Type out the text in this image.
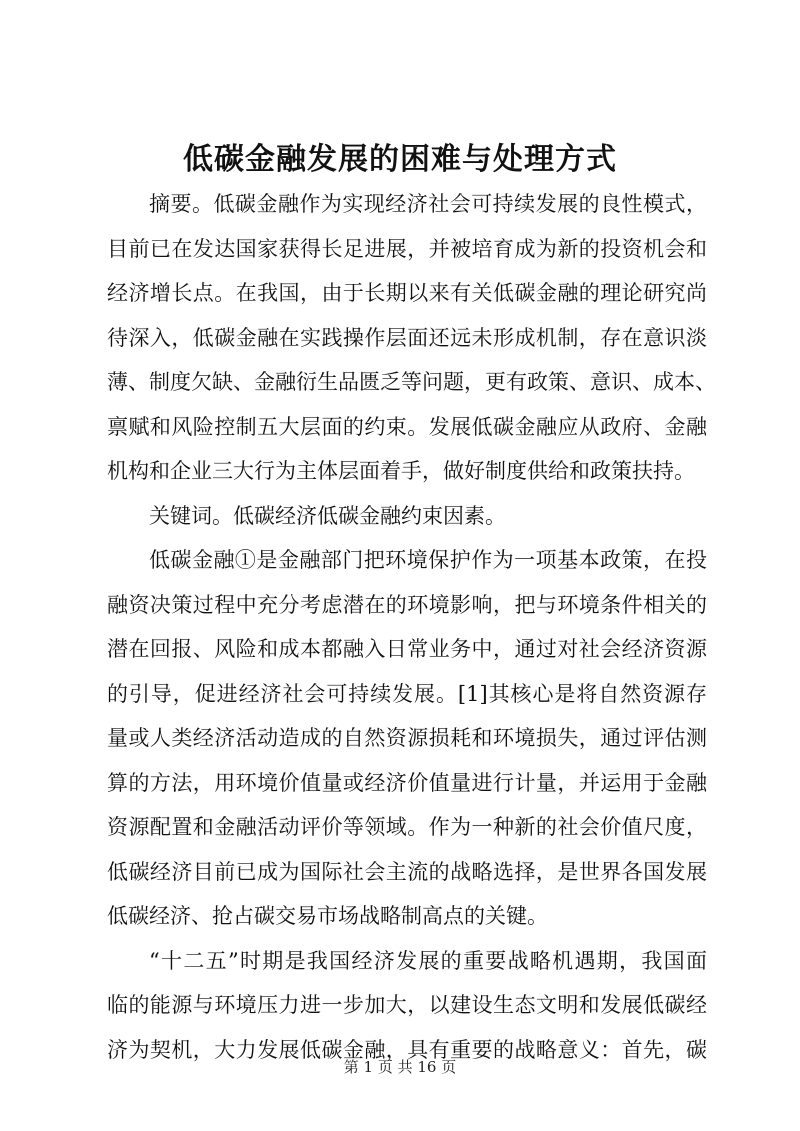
低碳金融发展的困难与处理方式
摘要。低碳金融作为实现经济社会可持续发展的良性模式，
目前已在发达国家获得长足进展，并被培育成为新的投资机会和
经济增长点。在我国，由于长期以来有关低碳金融的理论研究尚
待深入，低碳金融在实践操作层面还远未形成机制，存在意识淡
薄、制度欠缺、金融衍生品匮乏等问题，更有政策、意识、成本、
禀赋和风险控制五大层面的约束。发展低碳金融应从政府、金融
机构和企业三大行为主体层面着手，做好制度供给和政策扶持。
关键词。低碳经济低碳金融约束因素。
低碳金融①是金融部门把环境保护作为一项基本政策，在投
融资决策过程中充分考虑潜在的环境影响，把与环境条件相关的
潜在回报、风险和成本都融入日常业务中，通过对社会经济资源
的引导，促进经济社会可持续发展。[1]其核心是将自然资源存
量或人类经济活动造成的自然资源损耗和环境损失，通过评估测
算的方法，用环境价值量或经济价值量进行计量，并运用于金融
资源配置和金融活动评价等领域。作为一种新的社会价值尺度，
低碳经济目前已成为国际社会主流的战略选择，是世界各国发展
低碳经济、抢占碳交易市场战略制高点的关键。
“十二五”时期是我国经济发展的重要战略机遇期，我国面
临的能源与环境压力进一步加大，以建设生态文明和发展低碳经
济为契机，大力发展低碳金融，具有重要的战略意义：首先，碳
第 1 页 共 16 页
